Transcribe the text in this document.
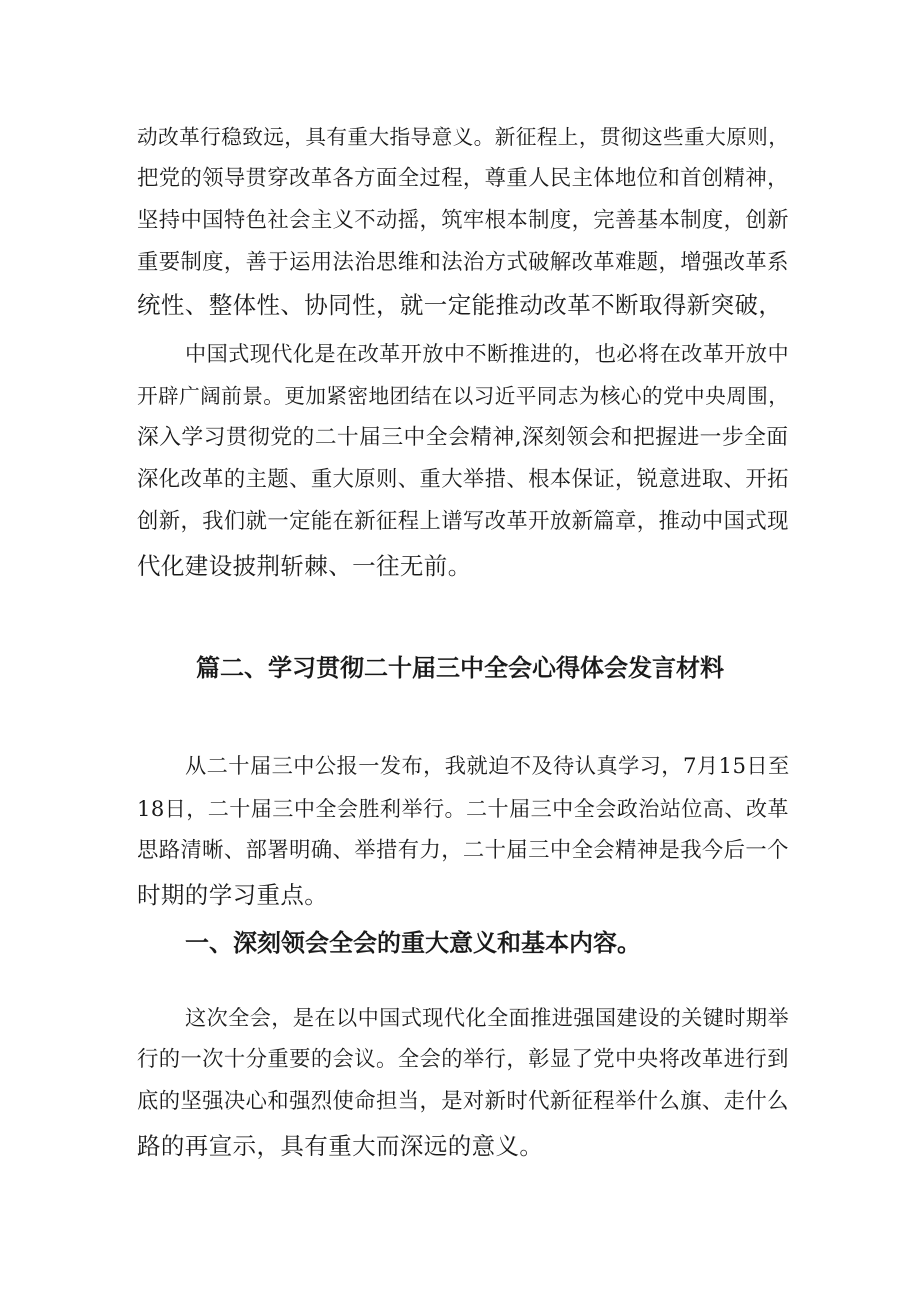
动改革行稳致远，具有重大指导意义。新征程上，贯彻这些重大原则，
把党的领导贯穿改革各方面全过程，尊重人民主体地位和首创精神，
坚持中国特色社会主义不动摇，筑牢根本制度，完善基本制度，创新
重要制度，善于运用法治思维和法治方式破解改革难题，增强改革系
统性、整体性、协同性，就一定能推动改革不断取得新突破，
中国式现代化是在改革开放中不断推进的，也必将在改革开放中
开辟广阔前景。更加紧密地团结在以习近平同志为核心的党中央周围，
深入学习贯彻党的二十届三中全会精神,深刻领会和把握进一步全面
深化改革的主题、重大原则、重大举措、根本保证，锐意进取、开拓
创新，我们就一定能在新征程上谱写改革开放新篇章，推动中国式现
代化建设披荆斩棘、一往无前。
篇二、学习贯彻二十届三中全会心得体会发言材料
从二十届三中公报一发布，我就迫不及待认真学习，7月15日至
18日，二十届三中全会胜利举行。二十届三中全会政治站位高、改革
思路清晰、部署明确、举措有力，二十届三中全会精神是我今后一个
时期的学习重点。
一、深刻领会全会的重大意义和基本内容。
这次全会，是在以中国式现代化全面推进强国建设的关键时期举
行的一次十分重要的会议。全会的举行，彰显了党中央将改革进行到
底的坚强决心和强烈使命担当，是对新时代新征程举什么旗、走什么
路的再宣示，具有重大而深远的意义。
